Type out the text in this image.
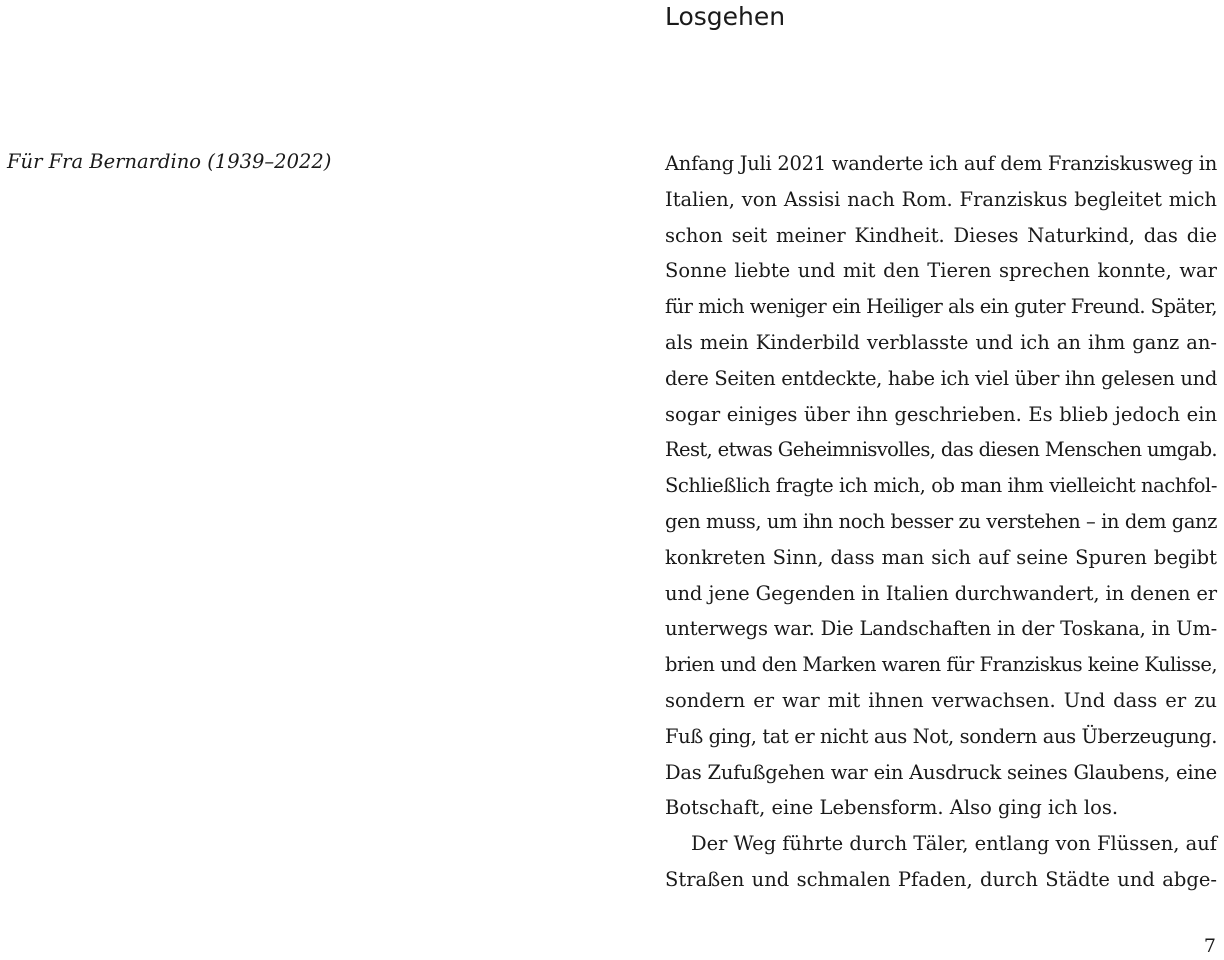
Für Fra Bernardino (1939–2022)

Losgehen
Anfang Juli 2021 wanderte ich auf dem Franziskusweg in
Italien, von Assisi nach Rom. Franziskus begleitet mich
schon seit meiner Kindheit. Dieses Naturkind, das die
Sonne liebte und mit den Tieren sprechen konnte, war
für mich weniger ein Heiliger als ein guter Freund. Später,
als mein Kinderbild verblasste und ich an ihm ganz an-
dere Seiten entdeckte, habe ich viel über ihn gelesen und
sogar einiges über ihn geschrieben. Es blieb jedoch ein
Rest, etwas Geheimnisvolles, das diesen Menschen umgab.
Schließlich fragte ich mich, ob man ihm vielleicht nachfol-
gen muss, um ihn noch besser zu verstehen – in dem ganz
konkreten Sinn, dass man sich auf seine Spuren begibt
und jene Gegenden in Italien durchwandert, in denen er
unterwegs war. Die Landschaften in der Toskana, in Um-
brien und den Marken waren für Franziskus keine Kulisse,
sondern er war mit ihnen verwachsen. Und dass er zu
Fuß ging, tat er nicht aus Not, sondern aus Überzeugung.
Das Zufußgehen war ein Ausdruck seines Glaubens, eine
Botschaft, eine Lebensform. Also ging ich los.
Der Weg führte durch Täler, entlang von Flüssen, auf
Straßen und schmalen Pfaden, durch Städte und abge-

7
